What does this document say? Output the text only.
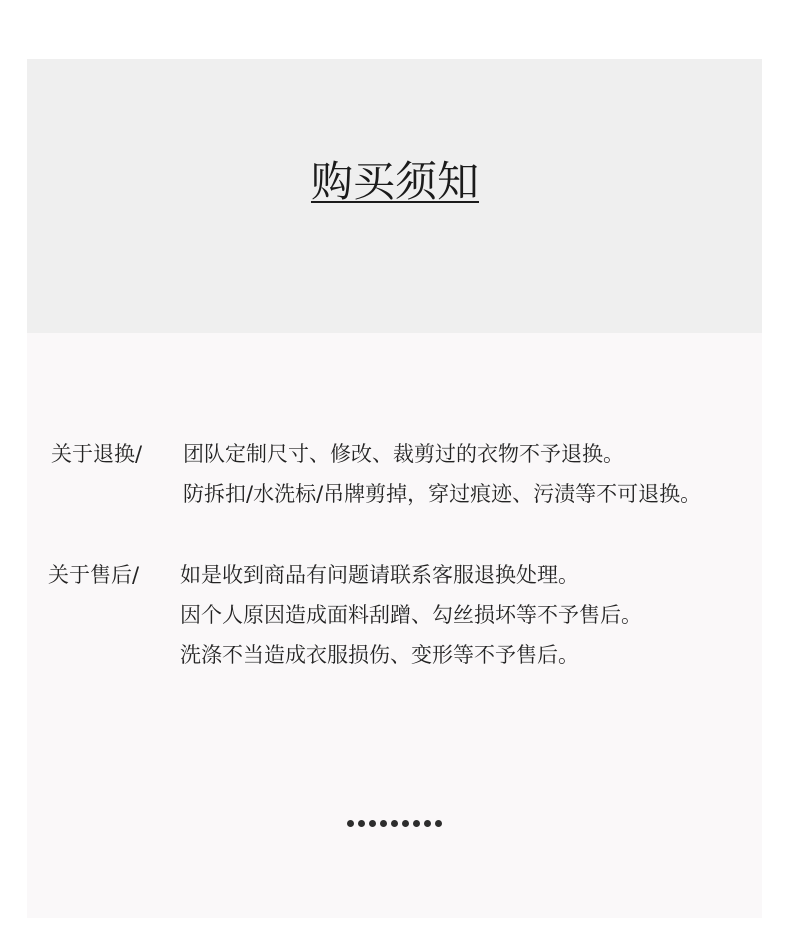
购买须知
关于退换/ 团队定制尺寸、修改、裁剪过的衣物不予退换。
防拆扣/水洗标/吊牌剪掉，穿过痕迹、污渍等不可退换。
关于售后/ 如是收到商品有问题请联系客服退换处理。
因个人原因造成面料刮蹭、勾丝损坏等不予售后。
洗涤不当造成衣服损伤、变形等不予售后。
